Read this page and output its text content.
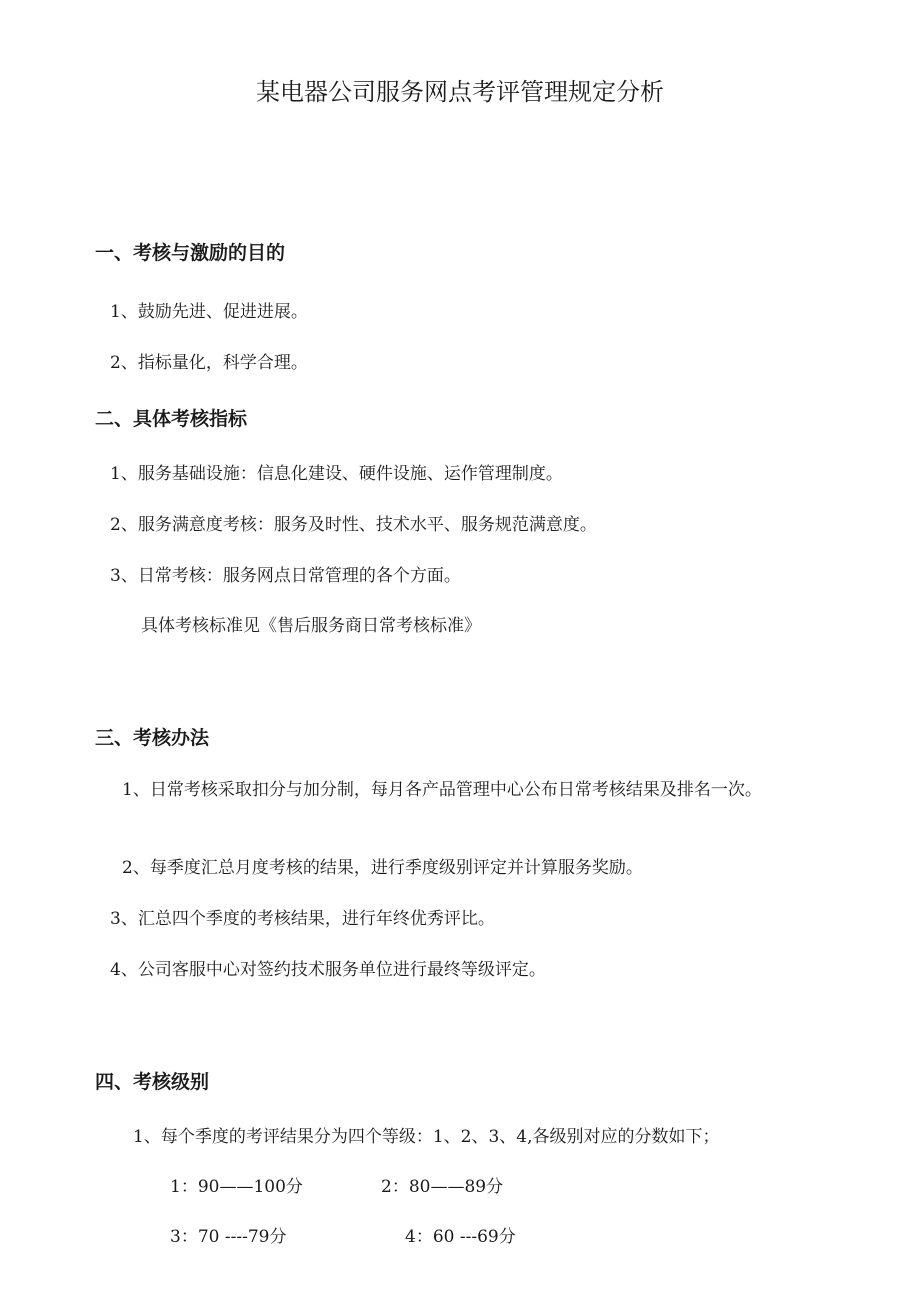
某电器公司服务网点考评管理规定分析
一、考核与激励的目的
1、鼓励先进、促进进展。
2、指标量化，科学合理。
二、具体考核指标
1、服务基础设施：信息化建设、硬件设施、运作管理制度。
2、服务满意度考核：服务及时性、技术水平、服务规范满意度。
3、日常考核：服务网点日常管理的各个方面。
具体考核标准见《售后服务商日常考核标准》
三、考核办法
1、日常考核采取扣分与加分制，每月各产品管理中心公布日常考核结果及排名一次。
2、每季度汇总月度考核的结果，进行季度级别评定并计算服务奖励。
3、汇总四个季度的考核结果，进行年终优秀评比。
4、公司客服中心对签约技术服务单位进行最终等级评定。
四、考核级别
1、每个季度的考评结果分为四个等级：1、2、3、4,各级别对应的分数如下；
1：90——100分	2：80——89分
3：70 ----79分	4：60 ---69分
